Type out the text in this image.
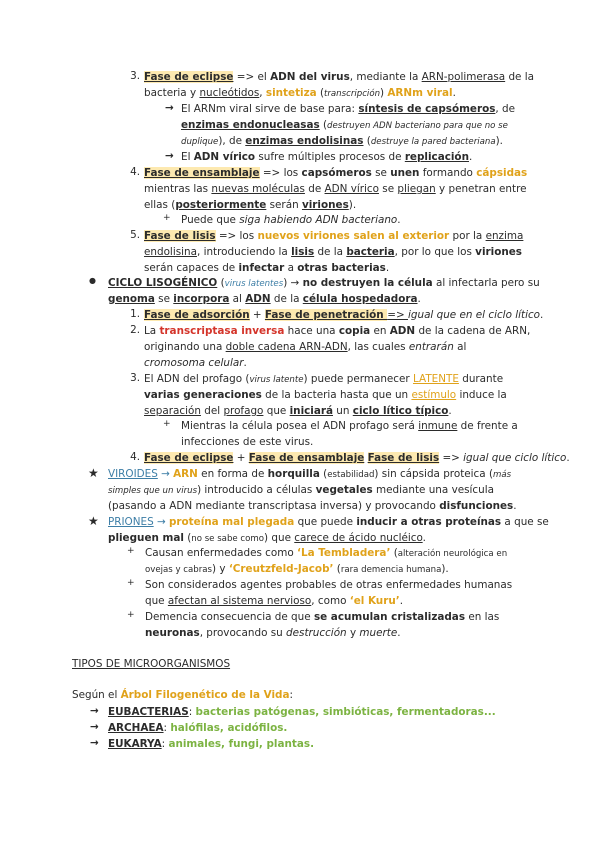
3. Fase de eclipse => el ADN del virus, mediante la ARN-polimerasa de la
bacteria y nucleótidos, sintetiza (transcripción) ARNm viral.
→ El ARNm viral sirve de base para: síntesis de capsómeros, de
enzimas endonucleasas (destruyen ADN bacteriano para que no se
duplique), de enzimas endolisinas (destruye la pared bacteriana).
→ El ADN vírico sufre múltiples procesos de replicación.
4. Fase de ensamblaje => los capsómeros se unen formando cápsidas
mientras las nuevas moléculas de ADN vírico se pliegan y penetran entre
ellas (posteriormente serán viriones).
+ Puede que siga habiendo ADN bacteriano.
5. Fase de lisis => los nuevos viriones salen al exterior por la enzima
endolisina, introduciendo la lisis de la bacteria, por lo que los viriones
serán capaces de infectar a otras bacterias.
● CICLO LISOGÉNICO (virus latentes) → no destruyen la célula al infectarla pero su
genoma se incorpora al ADN de la célula hospedadora.
1. Fase de adsorción + Fase de penetración => igual que en el ciclo lítico.
2. La transcriptasa inversa hace una copia en ADN de la cadena de ARN,
originando una doble cadena ARN-ADN, las cuales entrarán al
cromosoma celular.
3. El ADN del profago (virus latente) puede permanecer LATENTE durante
varias generaciones de la bacteria hasta que un estímulo induce la
separación del profago que iniciará un ciclo lítico típico.
+ Mientras la célula posea el ADN profago será inmune de frente a
infecciones de este virus.
4. Fase de eclipse + Fase de ensamblaje Fase de lisis => igual que ciclo lítico.
★ VIROIDES → ARN en forma de horquilla (estabilidad) sin cápsida proteica (más
simples que un virus) introducido a células vegetales mediante una vesícula
(pasando a ADN mediante transcriptasa inversa) y provocando disfunciones.
★ PRIONES → proteína mal plegada que puede inducir a otras proteínas a que se
plieguen mal (no se sabe como) que carece de ácido nucléico.
+ Causan enfermedades como ‘La Tembladera’ (alteración neurológica en
ovejas y cabras) y ‘Creutzfeld-Jacob’ (rara demencia humana).
+ Son considerados agentes probables de otras enfermedades humanas
que afectan al sistema nervioso, como ‘el Kuru’.
+ Demencia consecuencia de que se acumulan cristalizadas en las
neuronas, provocando su destrucción y muerte.
TIPOS DE MICROORGANISMOS
Según el Árbol Filogenético de la Vida:
→ EUBACTERIAS: bacterias patógenas, simbióticas, fermentadoras...
→ ARCHAEA: halófilas, acidófilos.
→ EUKARYA: animales, fungi, plantas.
